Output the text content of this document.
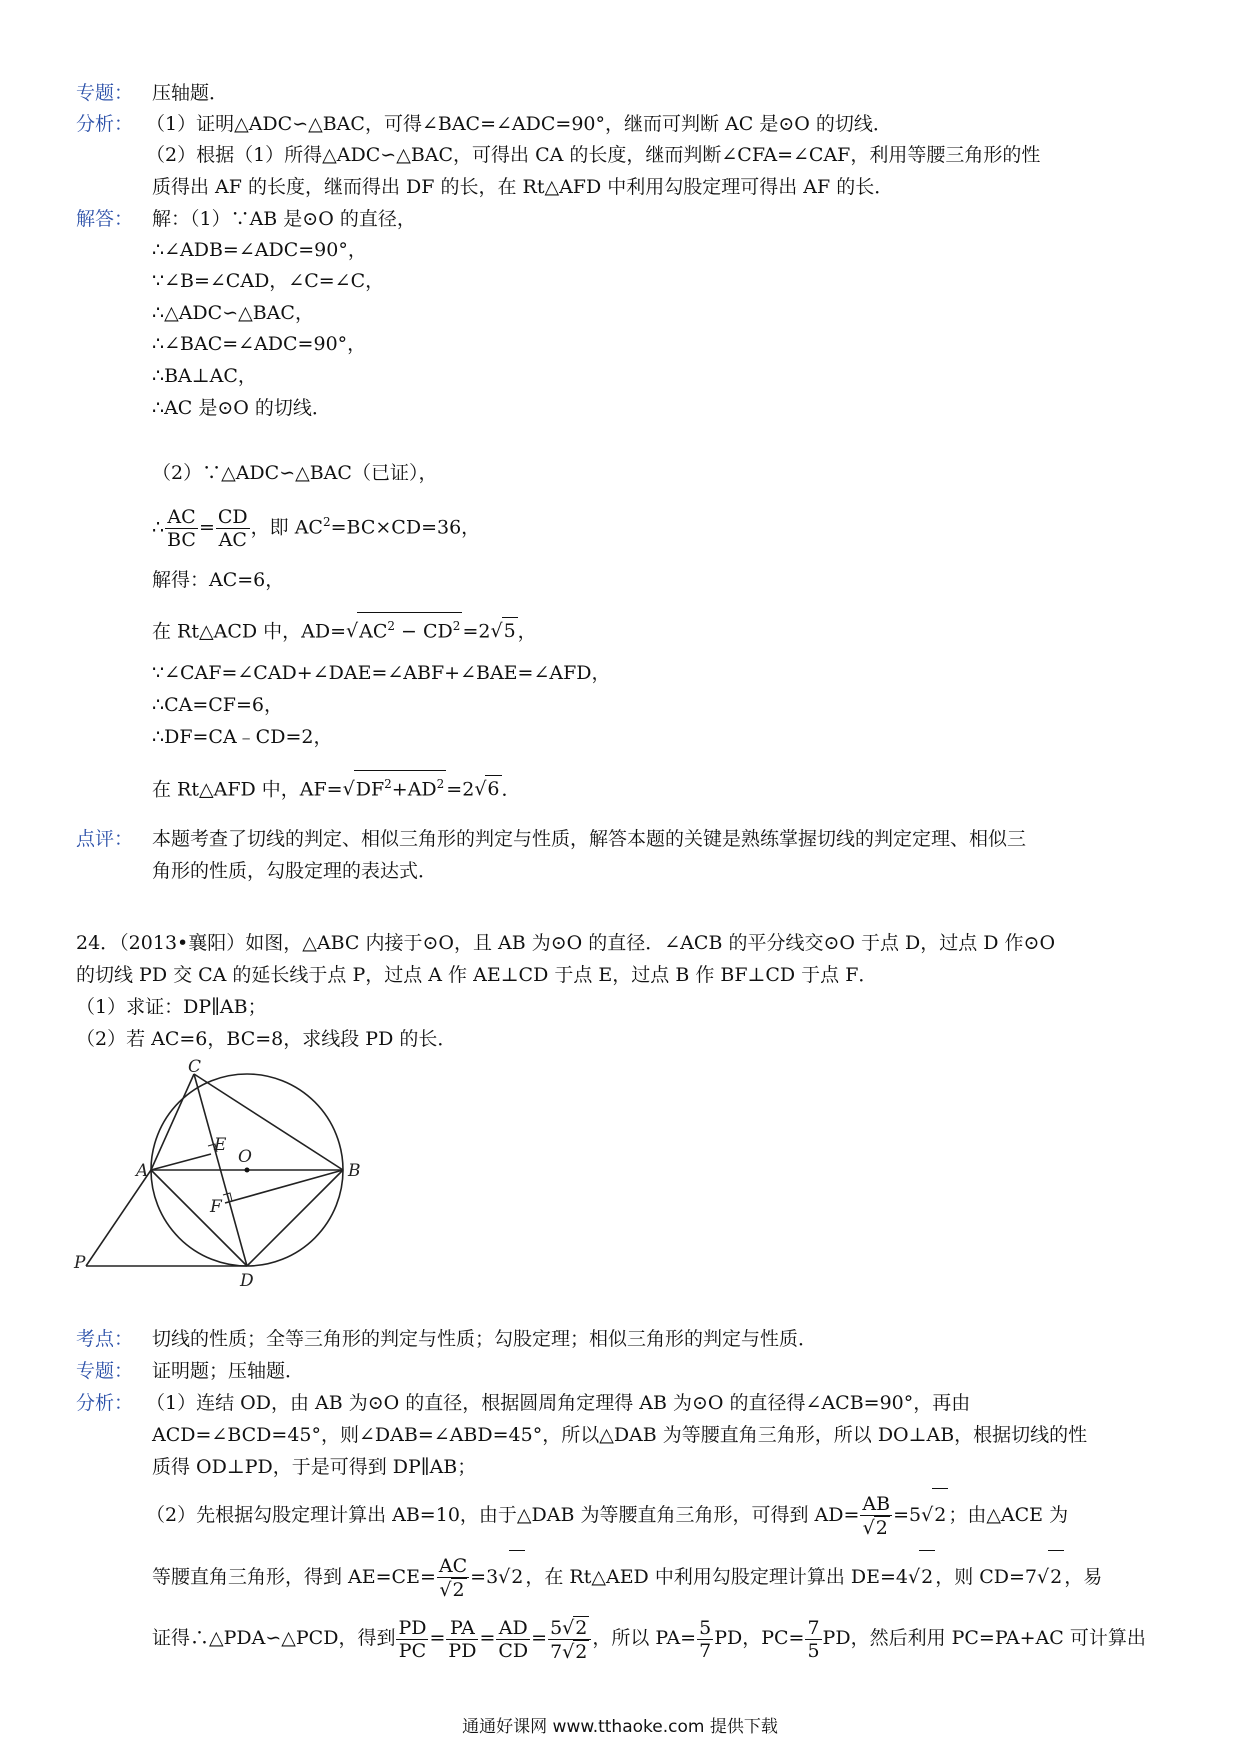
专题： 压轴题．
分析： （1）证明△ADC∽△BAC，可得∠BAC=∠ADC=90°，继而可判断 AC 是⊙O 的切线．
（2）根据（1）所得△ADC∽△BAC，可得出 CA 的长度，继而判断∠CFA=∠CAF，利用等腰三角形的性
质得出 AF 的长度，继而得出 DF 的长，在 Rt△AFD 中利用勾股定理可得出 AF 的长．
解答： 解：（1）∵AB 是⊙O 的直径，
∴∠ADB=∠ADC=90°，
∵∠B=∠CAD，∠C=∠C，
∴△ADC∽△BAC，
∴∠BAC=∠ADC=90°，
∴BA⊥AC，
∴AC 是⊙O 的切线．
（2）∵△ADC∽△BAC（已证），
∴ $\frac{AC}{BC} = \frac{CD}{AC}$ ，即 $AC^2=BC\times CD=36$，
解得：AC=6，
在 Rt△ACD 中，$AD=√AC^2 - CD^2 =2√5$ ，
∵∠CAF=∠CAD+∠DAE=∠ABF+∠BAE=∠AFD，
∴CA=CF=6，
∴DF=CA﹣CD=2，
在 Rt△AFD 中，$AF=√DF^2+AD^2 =2√6$ ．
点评： 本题考查了切线的判定、相似三角形的判定与性质，解答本题的关键是熟练掌握切线的判定定理、相似三
角形的性质，勾股定理的表达式．
24．（2013•襄阳）如图，△ABC 内接于⊙O，且 AB 为⊙O 的直径．∠ACB 的平分线交⊙O 于点 D，过点 D 作⊙O
的切线 PD 交 CA 的延长线于点 P，过点 A 作 AE⊥CD 于点 E，过点 B 作 BF⊥CD 于点 F．
（1）求证：DP∥AB；
（2）若 AC=6，BC=8，求线段 PD 的长．
C
E
O
A	B
F
P
D
考点： 切线的性质；全等三角形的判定与性质；勾股定理；相似三角形的判定与性质．
专题： 证明题；压轴题．
分析： （1）连结 OD，由 AB 为⊙O 的直径，根据圆周角定理得 AB 为⊙O 的直径得∠ACB=90°，再由
ACD=∠BCD=45°，则∠DAB=∠ABD=45°，所以△DAB 为等腰直角三角形，所以 DO⊥AB，根据切线的性
质得 OD⊥PD，于是可得到 DP∥AB；
（2）先根据勾股定理计算出 AB=10，由于△DAB 为等腰直角三角形，可得到 $AD= \frac{AB}{√2} =5√2$ ；由△ACE 为
等腰直角三角形，得到 $AE=CE= \frac{AC}{√2} =3√2$ ，在 Rt△AED 中利用勾股定理计算出 DE=4√2 ，则 CD=7√2 ，易
证得∴△PDA∽△PCD，得到 $\frac{PD}{PC} = \frac{PA}{PD} = \frac{AD}{CD} = \frac{5√2}{7√2}$ ，所以 $PA= \frac{5}{7}$ PD，$PC= \frac{7}{5}$ PD，然后利用 PC=PA+AC 可计算出
通通好课网 www.tthaoke.com 提供下载
